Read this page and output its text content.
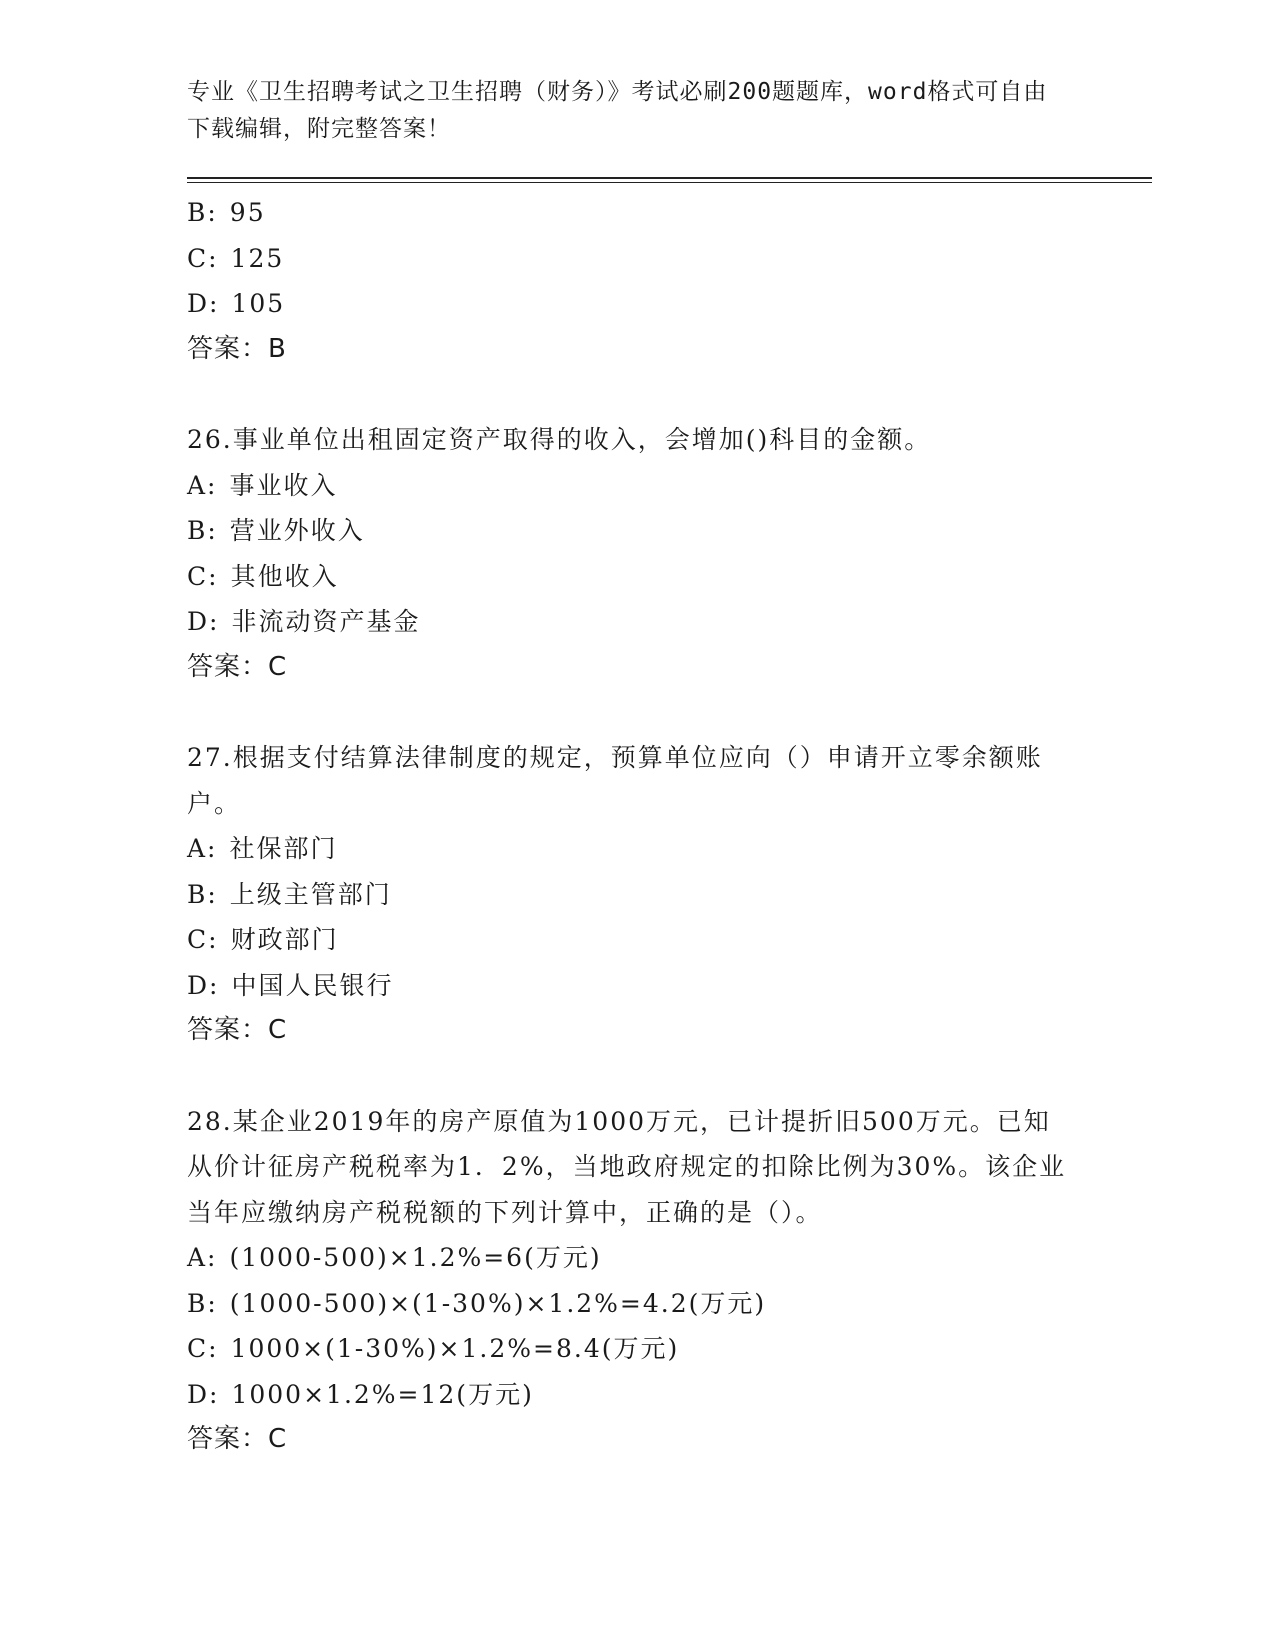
专业《卫生招聘考试之卫生招聘（财务）》考试必刷200题题库，word格式可自由下载编辑，附完整答案！
B: 95
C: 125
D: 105
答案：B
26.事业单位出租固定资产取得的收入，会增加()科目的金额。
A: 事业收入
B: 营业外收入
C: 其他收入
D: 非流动资产基金
答案：C
27.根据支付结算法律制度的规定，预算单位应向（）申请开立零余额账户。
A: 社保部门
B: 上级主管部门
C: 财政部门
D: 中国人民银行
答案：C
28.某企业2019年的房产原值为1000万元，已计提折旧500万元。已知从价计征房产税税率为1．2%，当地政府规定的扣除比例为30%。该企业当年应缴纳房产税税额的下列计算中，正确的是（）。
A: (1000-500)×1.2%=6(万元)
B: (1000-500)×(1-30%)×1.2%=4.2(万元)
C: 1000×(1-30%)×1.2%=8.4(万元)
D: 1000×1.2%=12(万元)
答案：C
